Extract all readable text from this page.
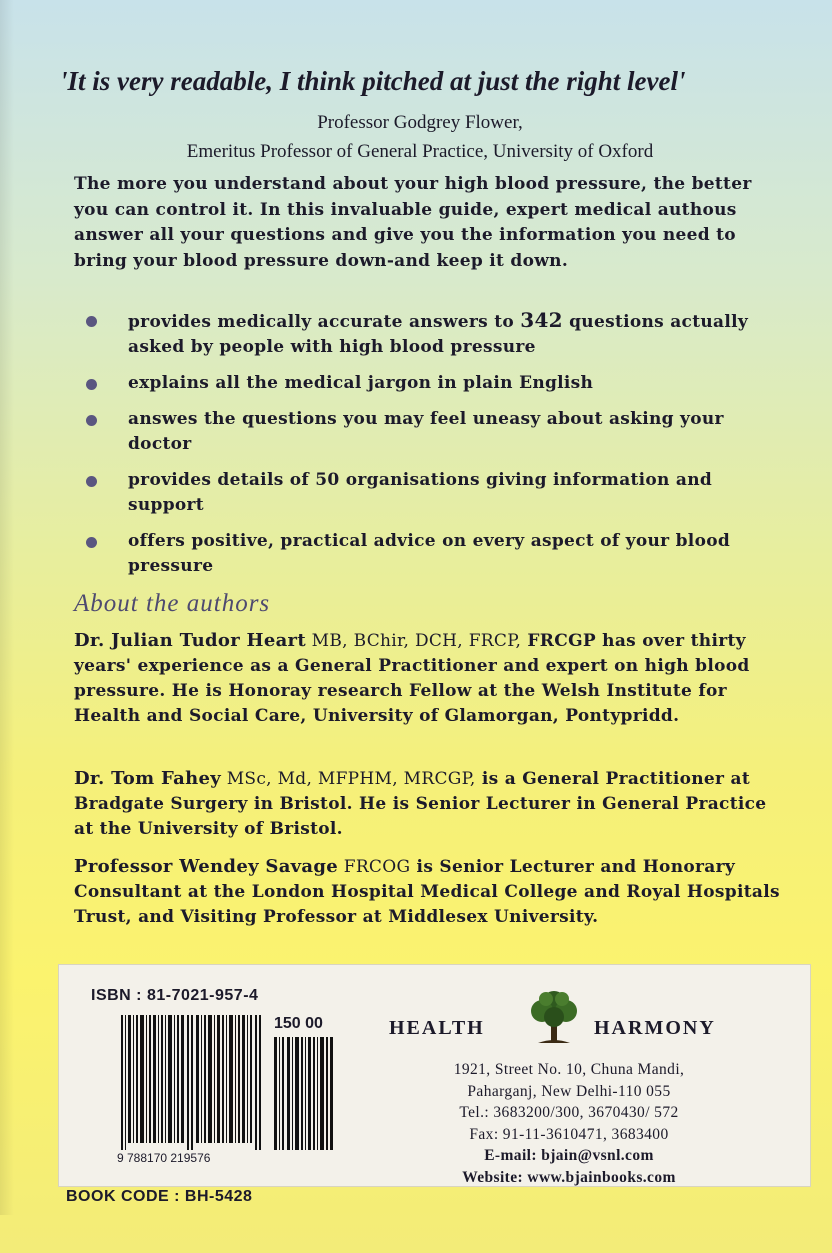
'It is very readable, I think pitched at just the right level'
Professor Godgrey Flower,
Emeritus Professor of General Practice, University of Oxford
The more you understand about your high blood pressure, the better you can control it. In this invaluable guide, expert medical authous answer all your questions and give you the information you need to bring your blood pressure down-and keep it down.
provides medically accurate answers to 342 questions actually asked by people with high blood pressure
explains all the medical jargon in plain English
answes the questions you may feel uneasy about asking your doctor
provides details of 50 organisations giving information and support
offers positive, practical advice on every aspect of your blood pressure
About the authors
Dr. Julian Tudor Heart MB, BChir, DCH, FRCP, FRCGP has over thirty years' experience as a General Practitioner and expert on high blood pressure. He is Honoray research Fellow at the Welsh Institute for Health and Social Care, University of Glamorgan, Pontypridd.
Dr. Tom Fahey MSc, Md, MFPHM, MRCGP, is a General Practitioner at Bradgate Surgery in Bristol. He is Senior Lecturer in General Practice at the University of Bristol.
Professor Wendey Savage FRCOG is Senior Lecturer and Honorary Consultant at the London Hospital Medical College and Royal Hospitals Trust, and Visiting Professor at Middlesex University.
ISBN : 81-7021-957-4
150 00
9 788170 219576
HEALTH	HARMONY
1921, Street No. 10, Chuna Mandi,
Paharganj, New Delhi-110 055
Tel.: 3683200/300, 3670430/ 572
Fax: 91-11-3610471, 3683400
E-mail: bjain@vsnl.com
Website: www.bjainbooks.com
BOOK CODE : BH-5428
